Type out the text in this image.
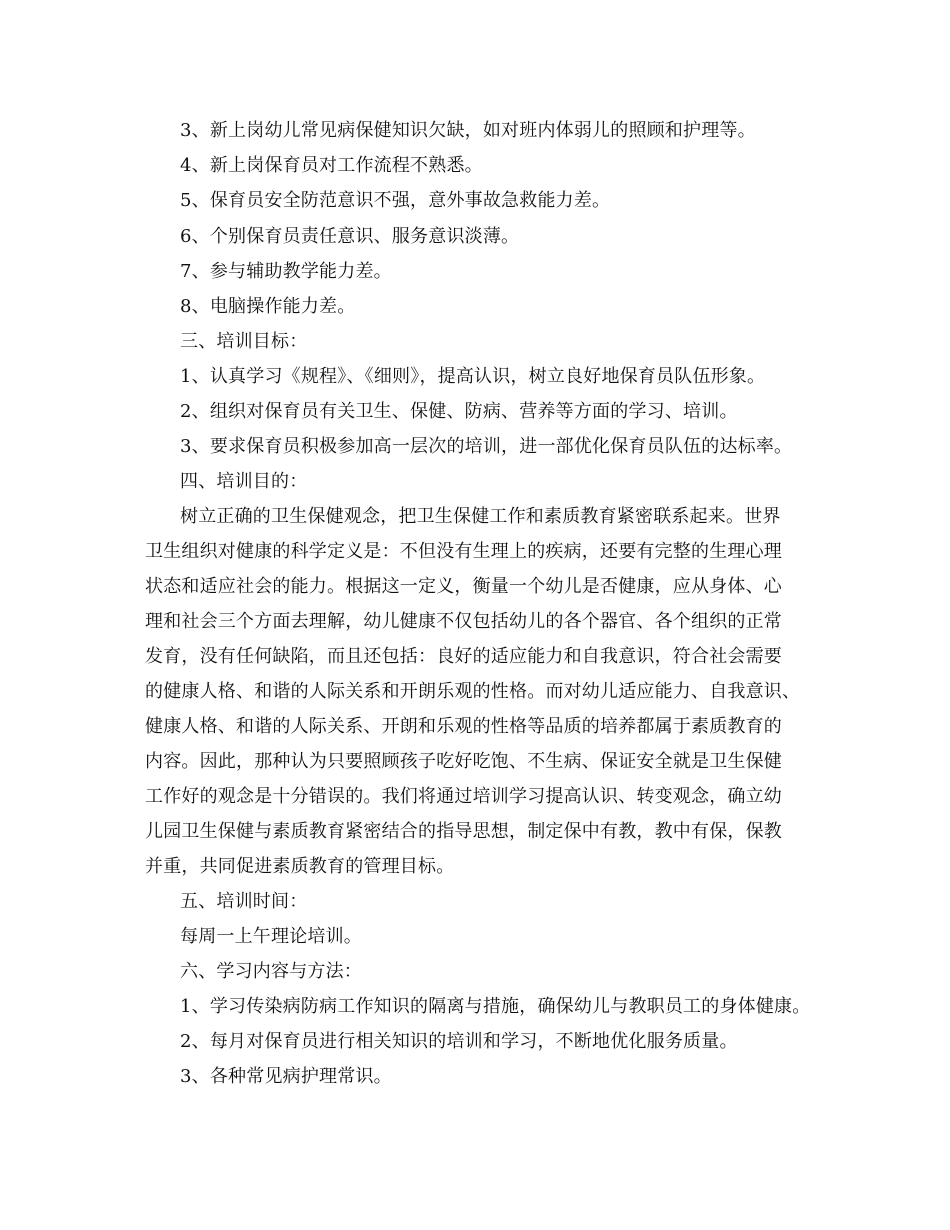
3、新上岗幼儿常见病保健知识欠缺，如对班内体弱儿的照顾和护理等。
4、新上岗保育员对工作流程不熟悉。
5、保育员安全防范意识不强，意外事故急救能力差。
6、个别保育员责任意识、服务意识淡薄。
7、参与辅助教学能力差。
8、电脑操作能力差。
三、培训目标：
1、认真学习《规程》、《细则》，提高认识，树立良好地保育员队伍形象。
2、组织对保育员有关卫生、保健、防病、营养等方面的学习、培训。
3、要求保育员积极参加高一层次的培训，进一部优化保育员队伍的达标率。
四、培训目的：
树立正确的卫生保健观念，把卫生保健工作和素质教育紧密联系起来。世界
卫生组织对健康的科学定义是：不但没有生理上的疾病，还要有完整的生理心理
状态和适应社会的能力。根据这一定义，衡量一个幼儿是否健康，应从身体、心
理和社会三个方面去理解，幼儿健康不仅包括幼儿的各个器官、各个组织的正常
发育，没有任何缺陷，而且还包括：良好的适应能力和自我意识，符合社会需要
的健康人格、和谐的人际关系和开朗乐观的性格。而对幼儿适应能力、自我意识、
健康人格、和谐的人际关系、开朗和乐观的性格等品质的培养都属于素质教育的
内容。因此，那种认为只要照顾孩子吃好吃饱、不生病、保证安全就是卫生保健
工作好的观念是十分错误的。我们将通过培训学习提高认识、转变观念，确立幼
儿园卫生保健与素质教育紧密结合的指导思想，制定保中有教，教中有保，保教
并重，共同促进素质教育的管理目标。
五、培训时间：
每周一上午理论培训。
六、学习内容与方法：
1、学习传染病防病工作知识的隔离与措施，确保幼儿与教职员工的身体健康。
2、每月对保育员进行相关知识的培训和学习，不断地优化服务质量。
3、各种常见病护理常识。
